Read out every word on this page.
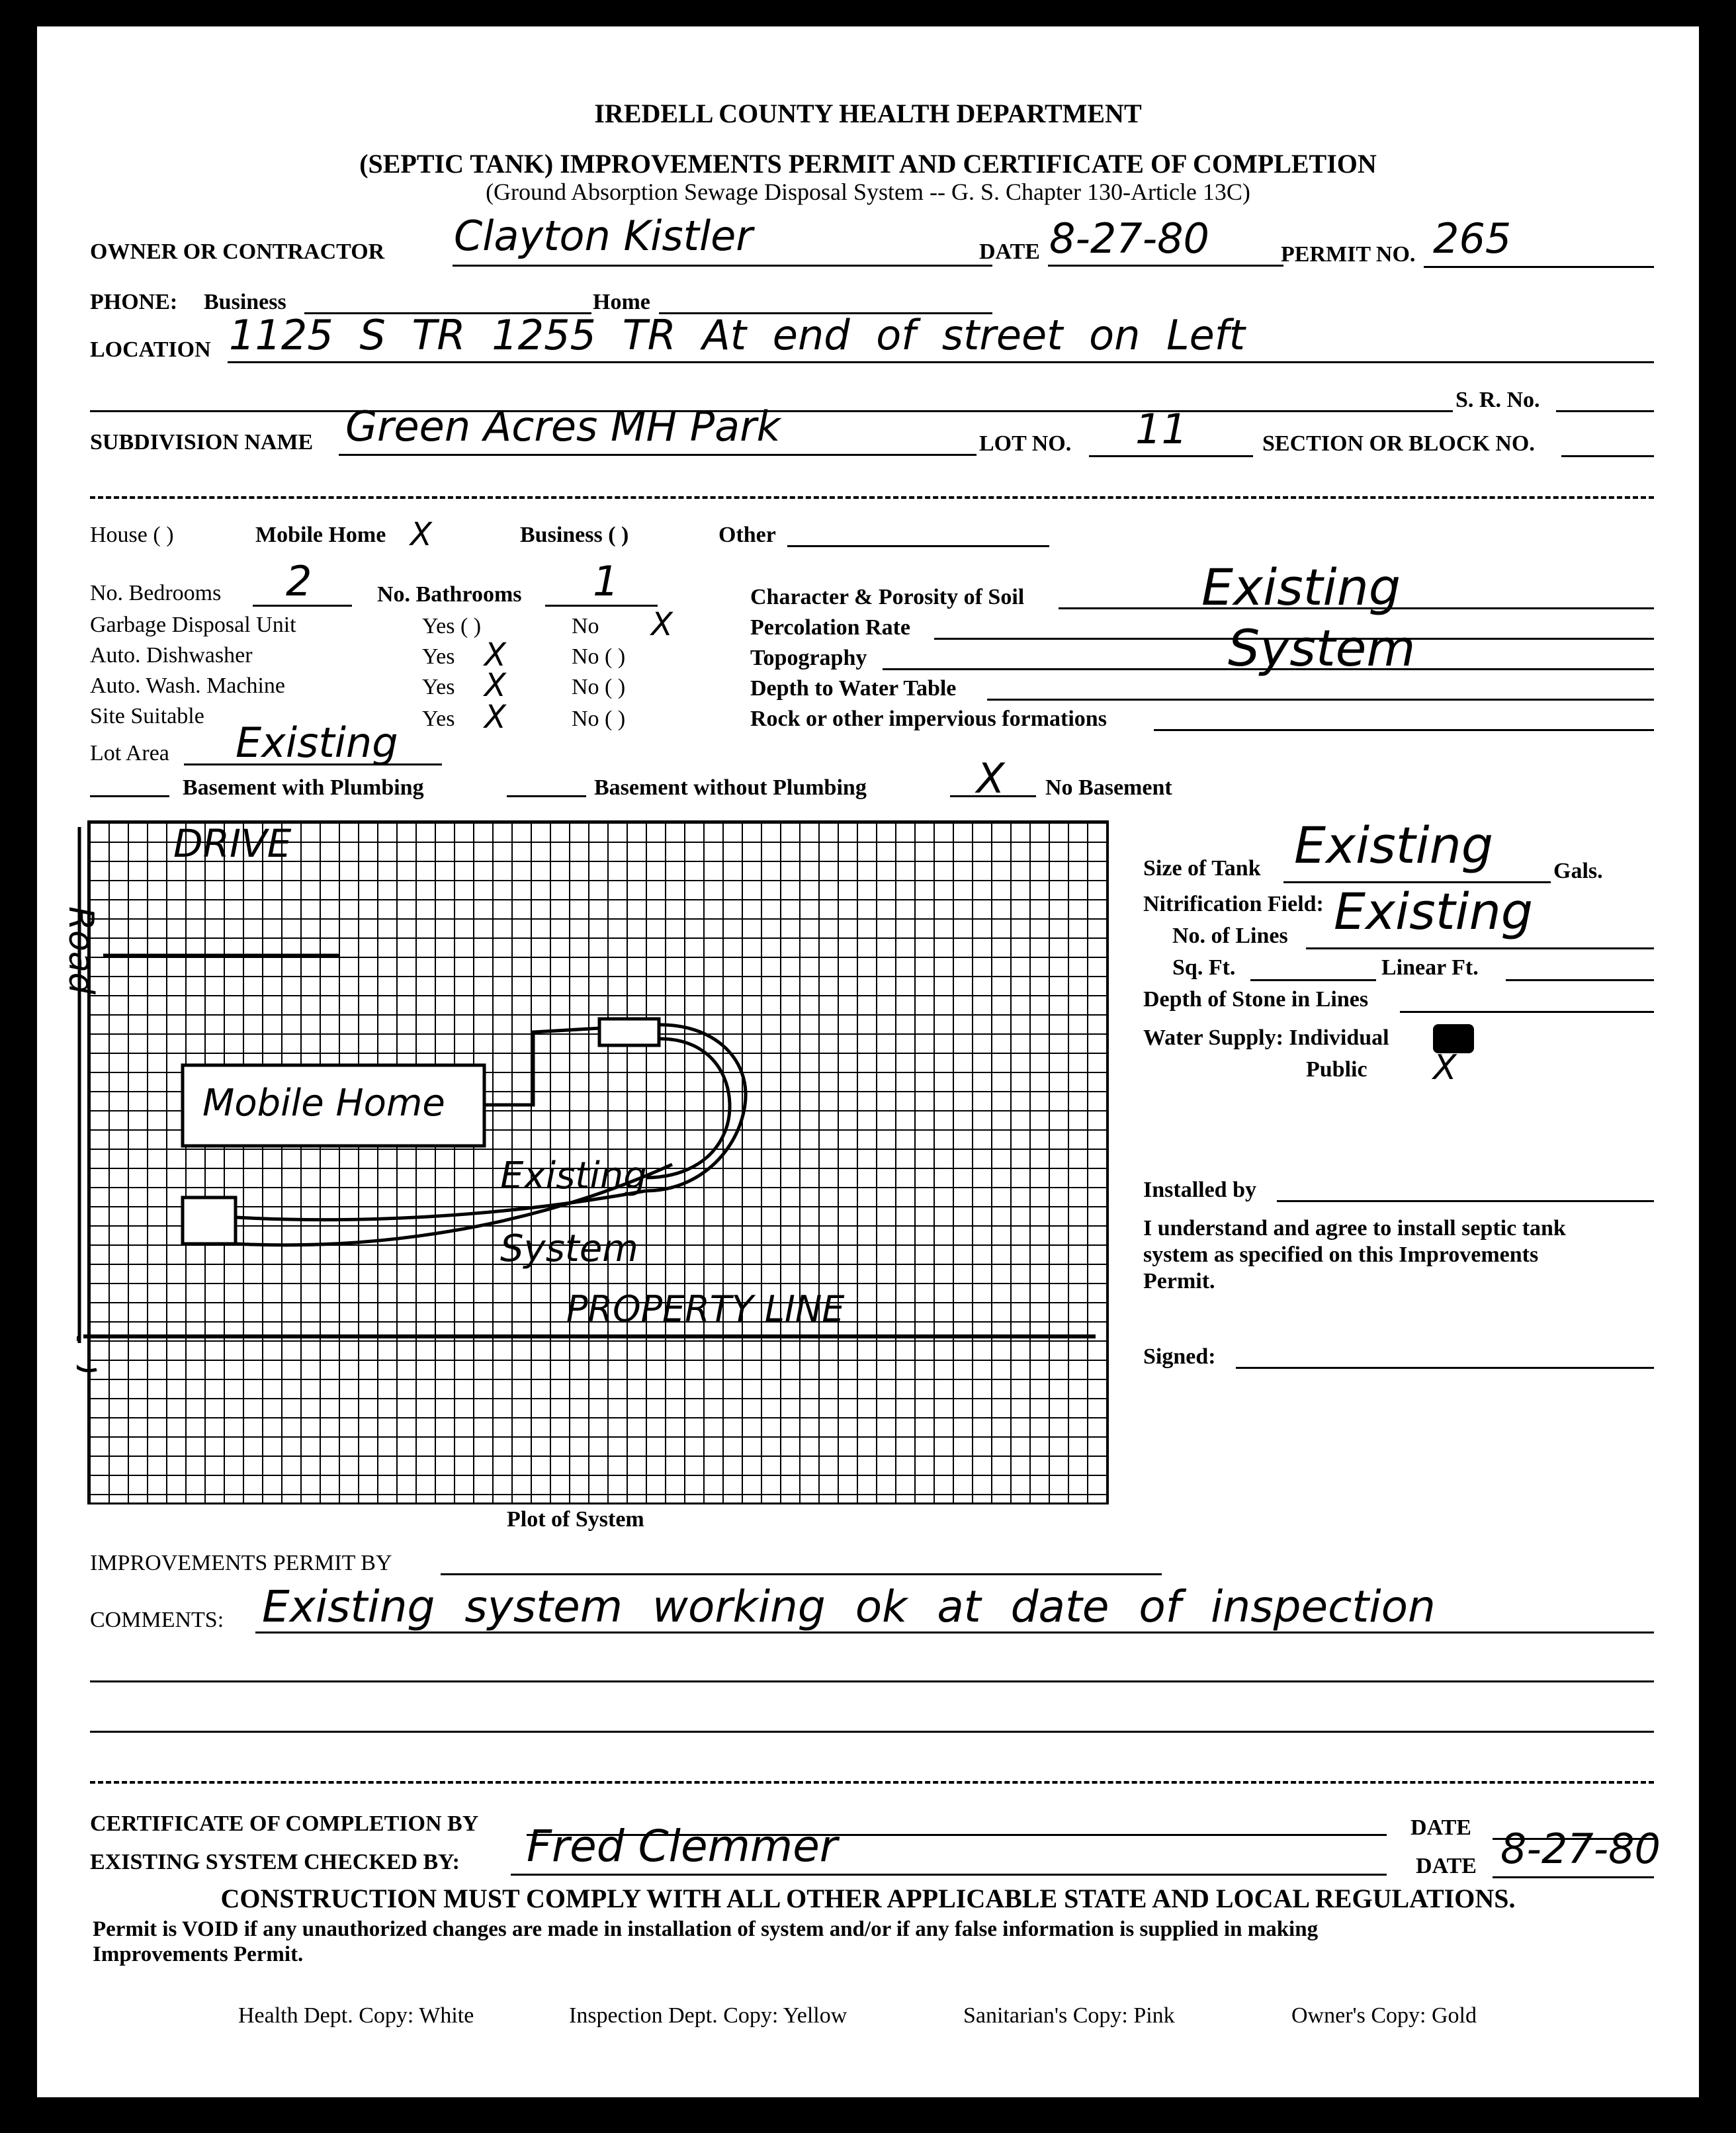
IREDELL COUNTY HEALTH DEPARTMENT
(SEPTIC TANK) IMPROVEMENTS PERMIT AND CERTIFICATE OF COMPLETION
(Ground Absorption Sewage Disposal System -- G. S. Chapter 130-Article 13C)
OWNER OR CONTRACTOR Clayton Kistler	DATE 8-27-80	PERMIT NO. 265
PHONE: Business	Home
LOCATION 1125 S TR 1255 TR At end of street on Left
S. R. No.
SUBDIVISION NAME Green Acres MH Park	LOT NO. 11	SECTION OR BLOCK NO.
House ( )	Mobile Home X	Business ( )	Other
No. Bedrooms 2	No. Bathrooms 1
Garbage Disposal Unit	Yes ( )	No X
Auto. Dishwasher	Yes X	No ( )
Auto. Wash. Machine	Yes X	No ( )
Site Suitable	Yes X	No ( )
Character & Porosity of Soil
Percolation Rate
Topography
Depth to Water Table
Rock or other impervious formations
Existing
System
Lot Area Existing
Basement with Plumbing	Basement without Plumbing	X No Basement
DRIVE
Road
Mobile Home
Existing
System
PROPERTY LINE
Plot of System
Size of Tank Existing	Gals.
Nitrification Field:
No. of Lines Existing
Sq. Ft.	Linear Ft.
Depth of Stone in Lines
Water Supply: Individual
Public X
Installed by
I understand and agree to install septic tank
system as specified on this Improvements
Permit.
Signed:
IMPROVEMENTS PERMIT BY
COMMENTS: Existing system working ok at date of inspection
CERTIFICATE OF COMPLETION BY	DATE
EXISTING SYSTEM CHECKED BY: Fred Clemmer	DATE 8-27-80
CONSTRUCTION MUST COMPLY WITH ALL OTHER APPLICABLE STATE AND LOCAL REGULATIONS.
Permit is VOID if any unauthorized changes are made in installation of system and/or if any false information is supplied in making
Improvements Permit.
Health Dept. Copy: White	Inspection Dept. Copy: Yellow	Sanitarian's Copy: Pink	Owner's Copy: Gold
